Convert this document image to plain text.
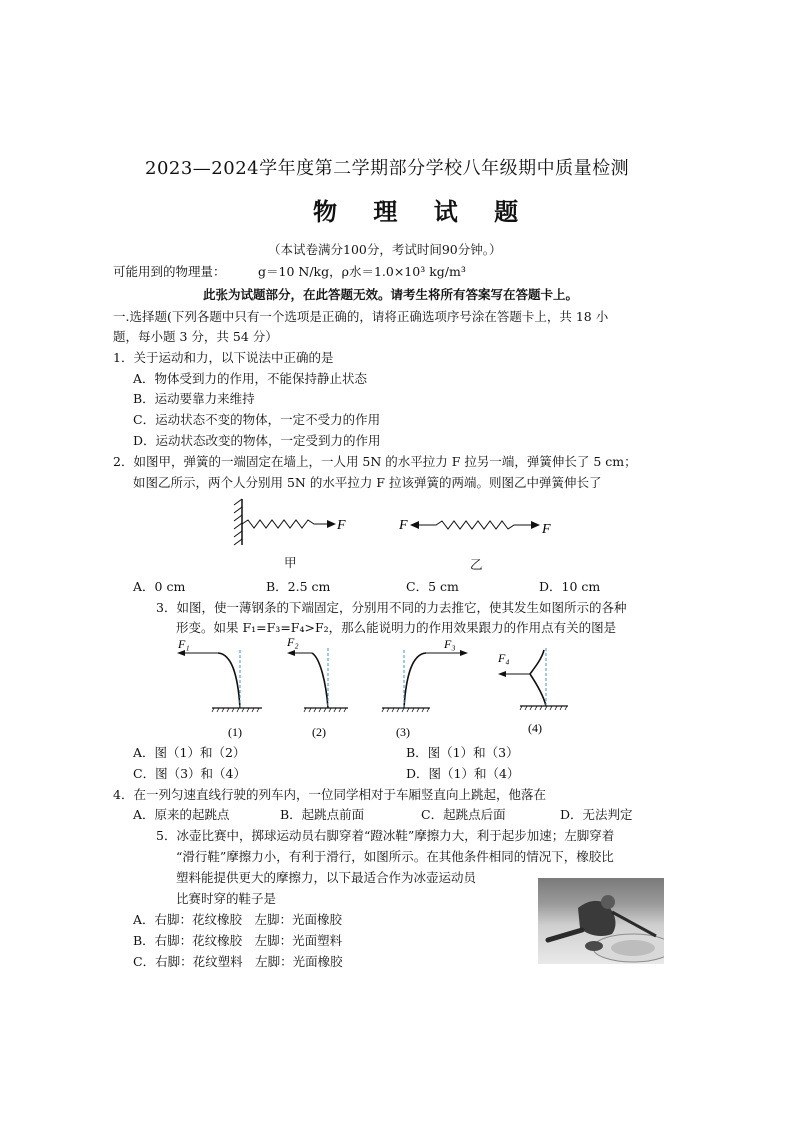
2023—2024学年度第二学期部分学校八年级期中质量检测
物 理 试 题
（本试卷满分100分，考试时间90分钟。）
可能用到的物理量：	g＝10 N/kg，ρ水＝1.0×10³ kg/m³
此张为试题部分，在此答题无效。请考生将所有答案写在答题卡上。
一.选择题(下列各题中只有一个选项是正确的，请将正确选项序号涂在答题卡上，共 18 小
题，每小题 3 分，共 54 分）
1．关于运动和力，以下说法中正确的是
A．物体受到力的作用，不能保持静止状态
B．运动要靠力来维持
C．运动状态不变的物体，一定不受力的作用
D．运动状态改变的物体，一定受到力的作用
2．如图甲，弹簧的一端固定在墙上，一人用 5N 的水平拉力 F 拉另一端，弹簧伸长了 5 cm；
如图乙所示，两个人分别用 5N 的水平拉力 F 拉该弹簧的两端。则图乙中弹簧伸长了
F
甲
F	F
乙
A．0 cm	B．2.5 cm	C．5 cm	D．10 cm
3．如图，使一薄钢条的下端固定，分别用不同的力去推它，使其发生如图所示的各种
形变。如果 F₁=F₃=F₄>F₂，那么能说明力的作用效果跟力的作用点有关的图是
F₁
(1)
F₂
(2)
F₃
(3)
F₄
(4)
A．图（1）和（2）	B．图（1）和（3）
C．图（3）和（4）	D．图（1）和（4）
4．在一列匀速直线行驶的列车内，一位同学相对于车厢竖直向上跳起，他落在
A．原来的起跳点	B．起跳点前面	C．起跳点后面	D．无法判定
5．冰壶比赛中，掷球运动员右脚穿着“蹬冰鞋”摩擦力大，利于起步加速；左脚穿着
“滑行鞋”摩擦力小，有利于滑行，如图所示。在其他条件相同的情况下，橡胶比
塑料能提供更大的摩擦力，以下最适合作为冰壶运动员
比赛时穿的鞋子是
A．右脚：花纹橡胶　左脚：光面橡胶
B．右脚：花纹橡胶　左脚：光面塑料
C．右脚：花纹塑料　左脚：光面橡胶
